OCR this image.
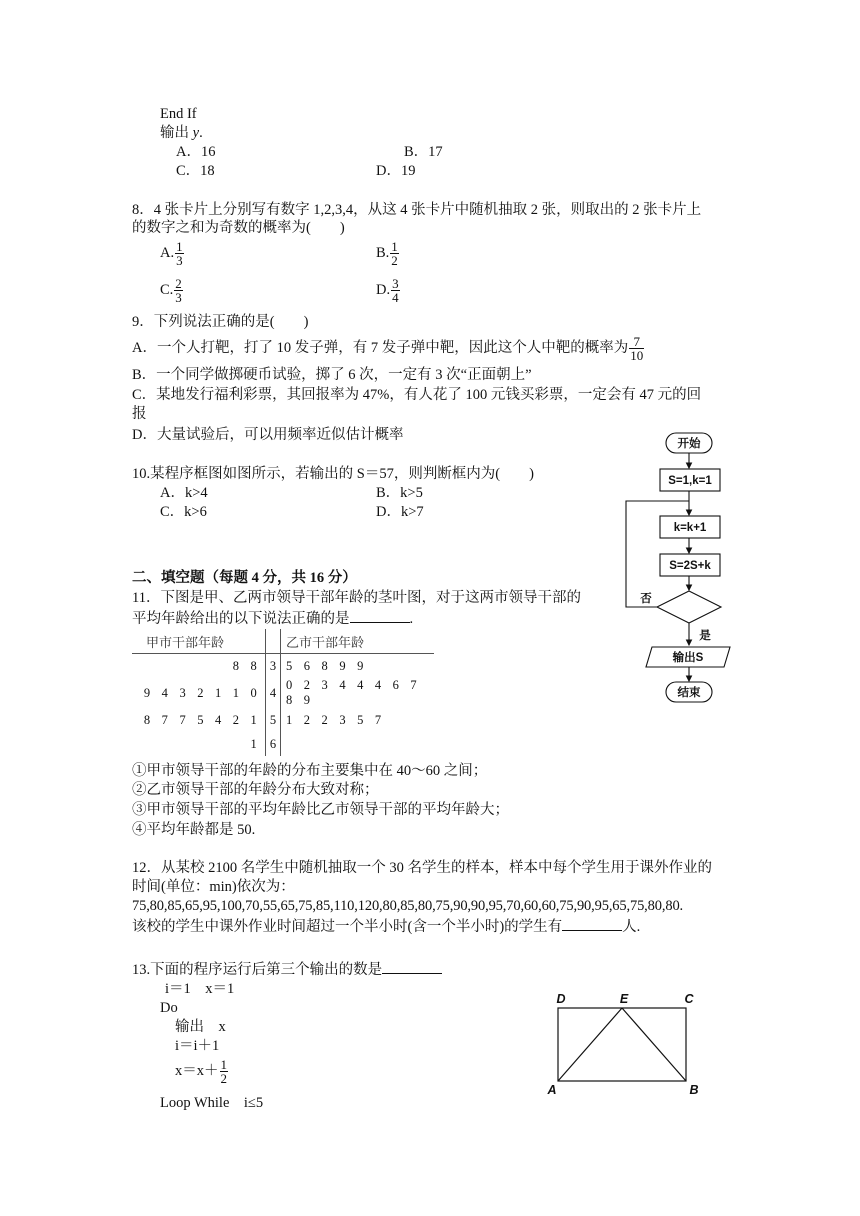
End If
输出 y.
A．16	B．17
C．18	D．19
8．4 张卡片上分别写有数字 1,2,3,4，从这 4 张卡片中随机抽取 2 张，则取出的 2 张卡片上
的数字之和为奇数的概率为(　　)
A. $\frac{1}{3}$	B. $\frac{1}{2}$
C. $\frac{2}{3}$	D. $\frac{3}{4}$
9．下列说法正确的是(　　)
A．一个人打靶，打了 10 发子弹，有 7 发子弹中靶，因此这个人中靶的概率为 $\frac{7}{10}$
B．一个同学做掷硬币试验，掷了 6 次，一定有 3 次“正面朝上”
C．某地发行福利彩票，其回报率为 47%，有人花了 100 元钱买彩票，一定会有 47 元的回
报
D．大量试验后，可以用频率近似估计概率
10.某程序框图如图所示，若输出的 S＝57，则判断框内为(　　)
A．k>4	B．k>5
C．k>6	D．k>7
开始
S=1,k=1
k=k+1
S=2S+k
否
是
输出S
结束
二、填空题（每题 4 分，共 16 分）
11．下图是甲、乙两市领导干部年龄的茎叶图，对于这两市领导干部的
平均年龄给出的以下说法正确的是	.
甲市干部年龄		乙市干部年龄
8 8	3	5 6 8 9 9
9 4 3 2 1 1 0	4	0 2 3 4 4 4 6 7 8 9
8 7 7 5 4 2 1	5	1 2 2 3 5 7
1	6	
①甲市领导干部的年龄的分布主要集中在 40～60 之间；
②乙市领导干部的年龄分布大致对称；
③甲市领导干部的平均年龄比乙市领导干部的平均年龄大；
④平均年龄都是 50.
12．从某校 2100 名学生中随机抽取一个 30 名学生的样本，样本中每个学生用于课外作业的
时间(单位：min)依次为：
75,80,85,65,95,100,70,55,65,75,85,110,120,80,85,80,75,90,90,95,70,60,60,75,90,95,65,75,80,80.
该校的学生中课外作业时间超过一个半小时(含一个半小时)的学生有	人.
13.下面的程序运行后第三个输出的数是
i＝1　x＝1
Do
输出　x
i＝i＋1
$x=x+ \frac{1}{2}$
Loop While　i≤5
D	E	C
A	B
